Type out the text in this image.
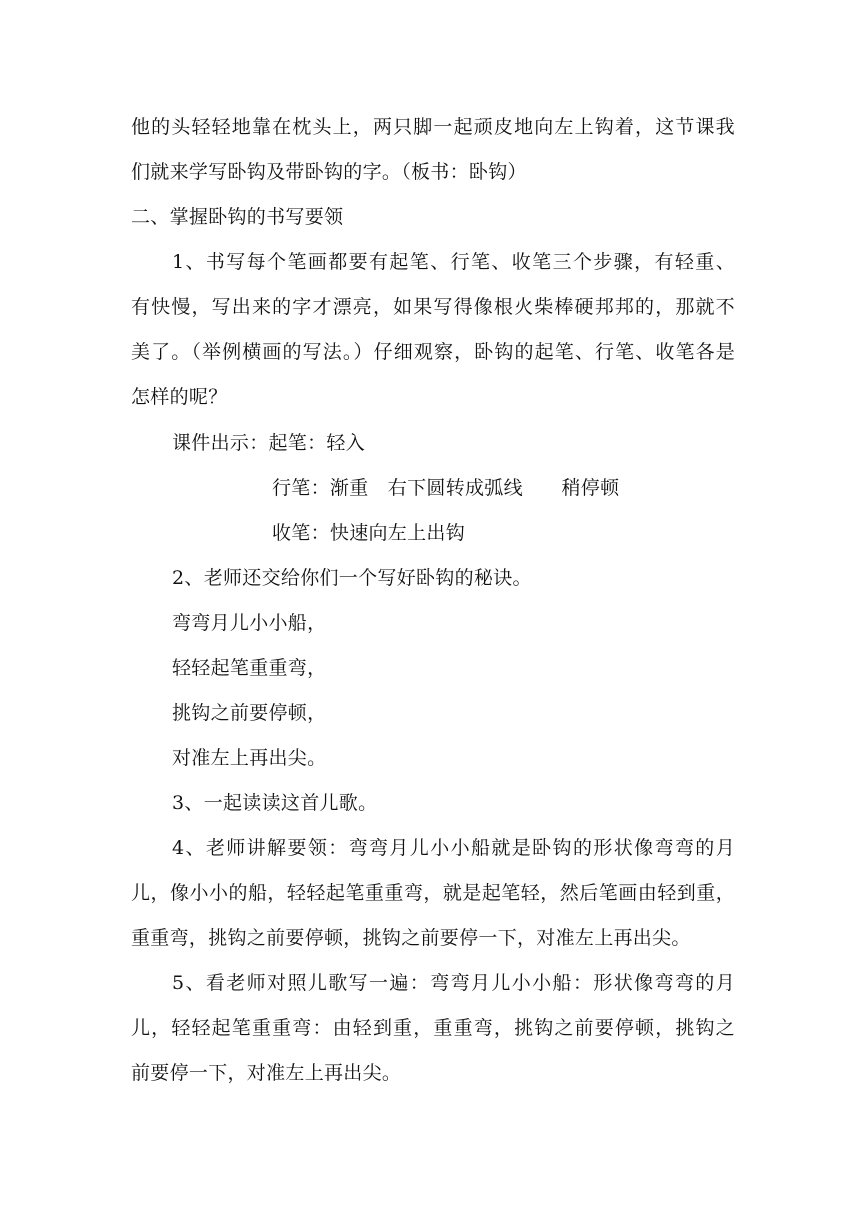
他的头轻轻地靠在枕头上，两只脚一起顽皮地向左上钩着，这节课我
们就来学写卧钩及带卧钩的字。（板书：卧钩）
二、掌握卧钩的书写要领
1、书写每个笔画都要有起笔、行笔、收笔三个步骤，有轻重、
有快慢，写出来的字才漂亮，如果写得像根火柴棒硬邦邦的，那就不
美了。（举例横画的写法。）仔细观察，卧钩的起笔、行笔、收笔各是
怎样的呢？
课件出示：起笔：轻入
行笔：渐重　右下圆转成弧线　　稍停顿
收笔：快速向左上出钩
2、老师还交给你们一个写好卧钩的秘诀。
弯弯月儿小小船，
轻轻起笔重重弯，
挑钩之前要停顿，
对准左上再出尖。
3、一起读读这首儿歌。
4、老师讲解要领：弯弯月儿小小船就是卧钩的形状像弯弯的月
儿，像小小的船，轻轻起笔重重弯，就是起笔轻，然后笔画由轻到重，
重重弯，挑钩之前要停顿，挑钩之前要停一下，对准左上再出尖。
5、看老师对照儿歌写一遍：弯弯月儿小小船：形状像弯弯的月
儿，轻轻起笔重重弯：由轻到重，重重弯，挑钩之前要停顿，挑钩之
前要停一下，对准左上再出尖。
